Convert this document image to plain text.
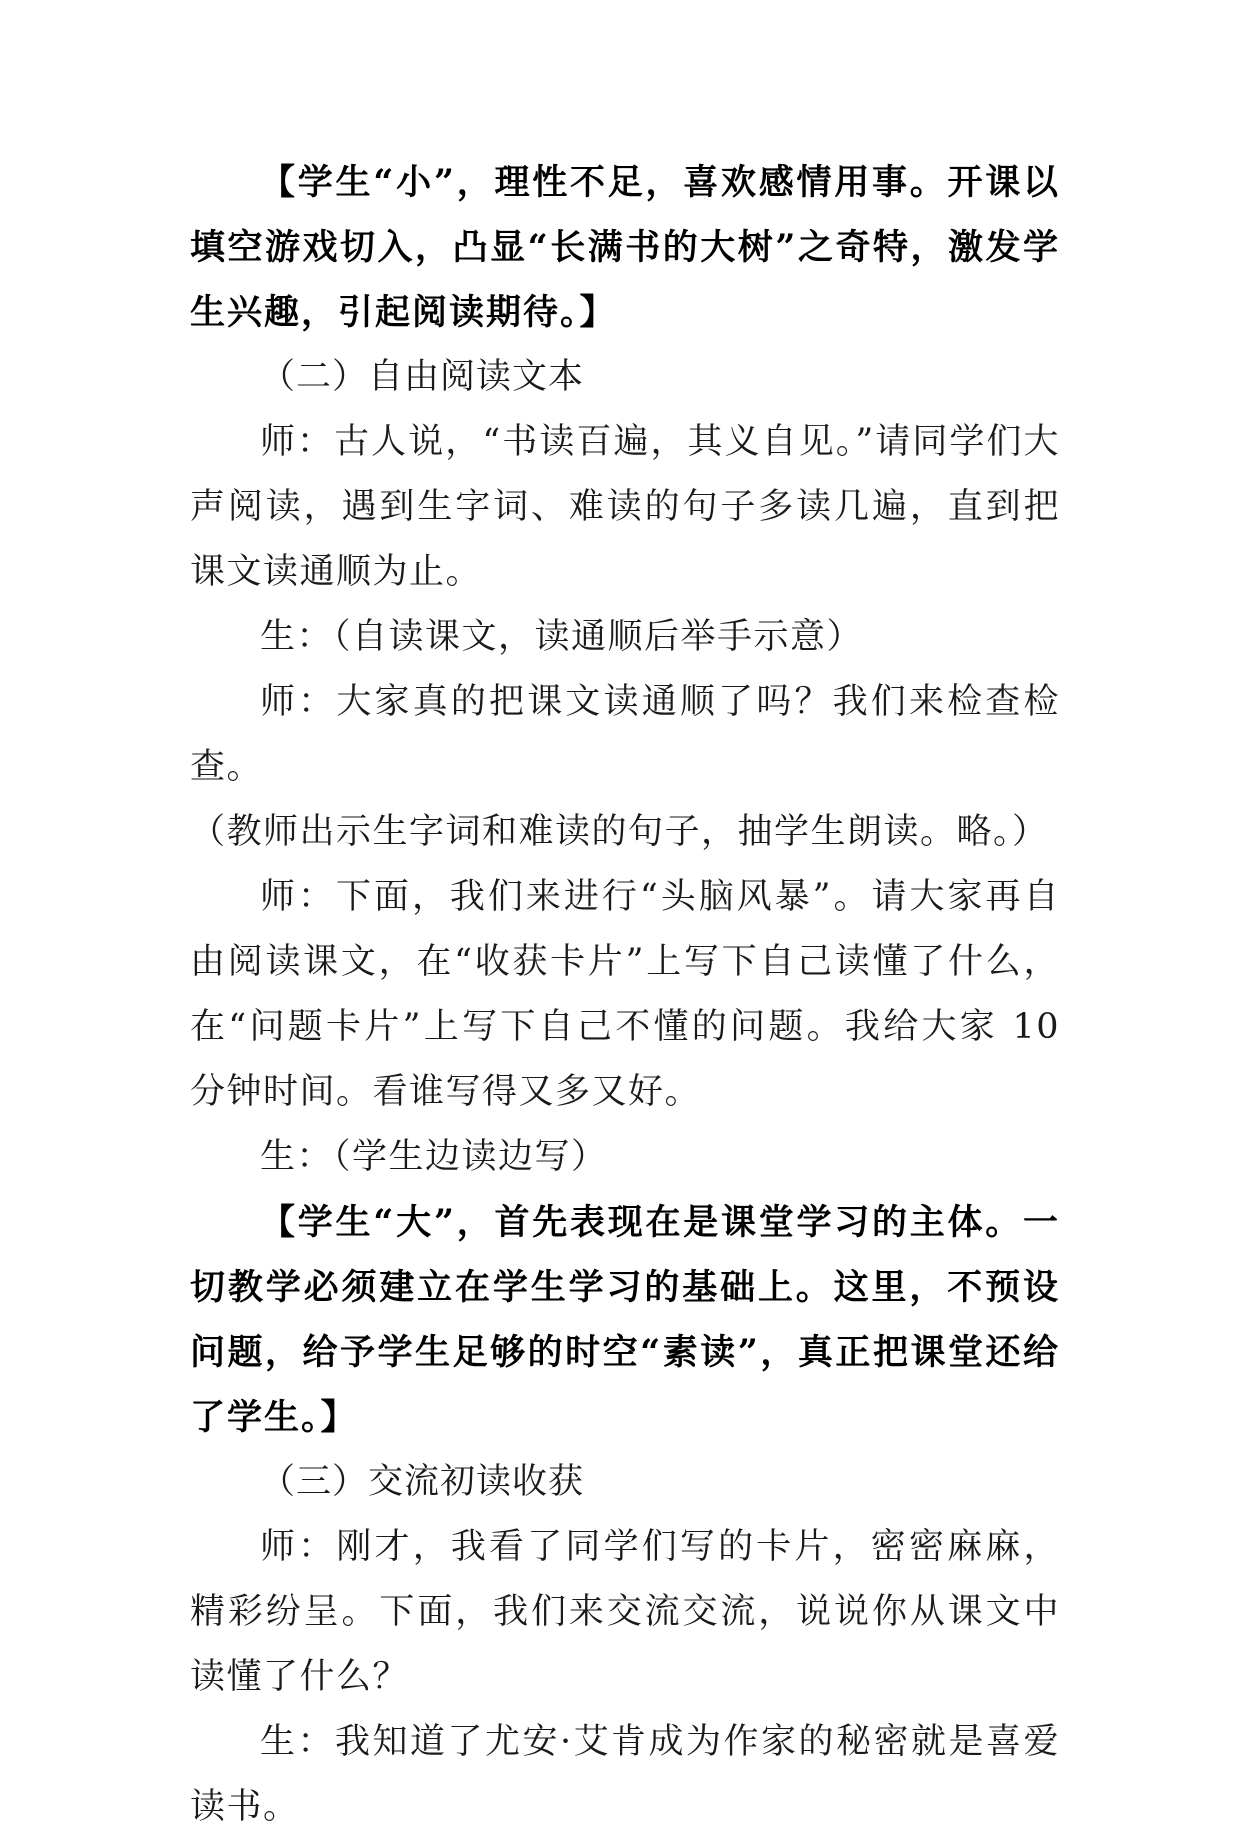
【学生“小”，理性不足，喜欢感情用事。开课以填空游戏切入，凸显“长满书的大树”之奇特，激发学生兴趣，引起阅读期待。】

（二）自由阅读文本

师：古人说，“书读百遍，其义自见。”请同学们大声阅读，遇到生字词、难读的句子多读几遍，直到把课文读通顺为止。

生：（自读课文，读通顺后举手示意）

师：大家真的把课文读通顺了吗？我们来检查检查。

（教师出示生字词和难读的句子，抽学生朗读。略。）

师：下面，我们来进行“头脑风暴”。请大家再自由阅读课文，在“收获卡片”上写下自己读懂了什么，在“问题卡片”上写下自己不懂的问题。我给大家 10 分钟时间。看谁写得又多又好。

生：（学生边读边写）

【学生“大”，首先表现在是课堂学习的主体。一切教学必须建立在学生学习的基础上。这里，不预设问题，给予学生足够的时空“素读”，真正把课堂还给了学生。】

（三）交流初读收获

师：刚才，我看了同学们写的卡片，密密麻麻，精彩纷呈。下面，我们来交流交流，说说你从课文中读懂了什么？

生：我知道了尤安·艾肯成为作家的秘密就是喜爱读书。
